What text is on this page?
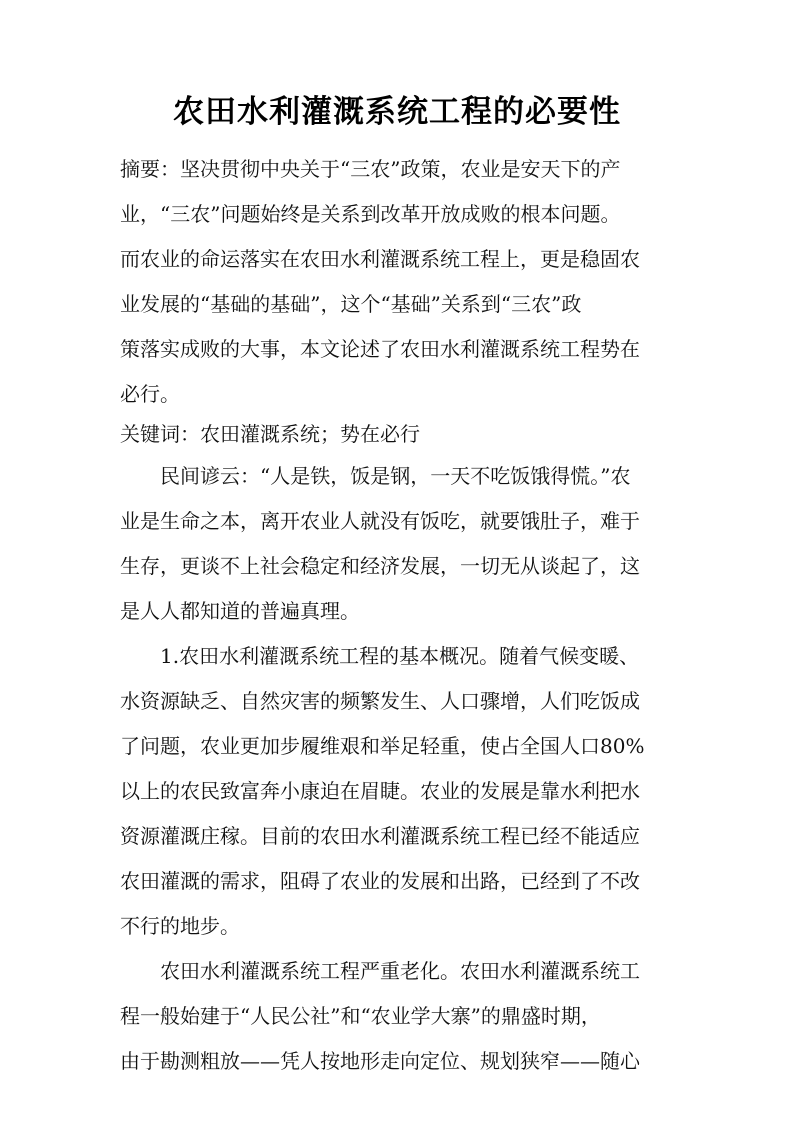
农田水利灌溉系统工程的必要性
摘要：坚决贯彻中央关于“三农”政策，农业是安天下的产
业，“三农”问题始终是关系到改革开放成败的根本问题。
而农业的命运落实在农田水利灌溉系统工程上，更是稳固农
业发展的“基础的基础”，这个“基础”关系到“三农”政
策落实成败的大事，本文论述了农田水利灌溉系统工程势在
必行。
关键词：农田灌溉系统；势在必行
民间谚云：“人是铁，饭是钢，一天不吃饭饿得慌。”农
业是生命之本，离开农业人就没有饭吃，就要饿肚子，难于
生存，更谈不上社会稳定和经济发展，一切无从谈起了，这
是人人都知道的普遍真理。
1.农田水利灌溉系统工程的基本概况。随着气候变暖、
水资源缺乏、自然灾害的频繁发生、人口骤增，人们吃饭成
了问题，农业更加步履维艰和举足轻重，使占全国人口80%
以上的农民致富奔小康迫在眉睫。农业的发展是靠水利把水
资源灌溉庄稼。目前的农田水利灌溉系统工程已经不能适应
农田灌溉的需求，阻碍了农业的发展和出路，已经到了不改
不行的地步。
农田水利灌溉系统工程严重老化。农田水利灌溉系统工
程一般始建于“人民公社”和“农业学大寨”的鼎盛时期，
由于勘测粗放——凭人按地形走向定位、规划狭窄——随心
